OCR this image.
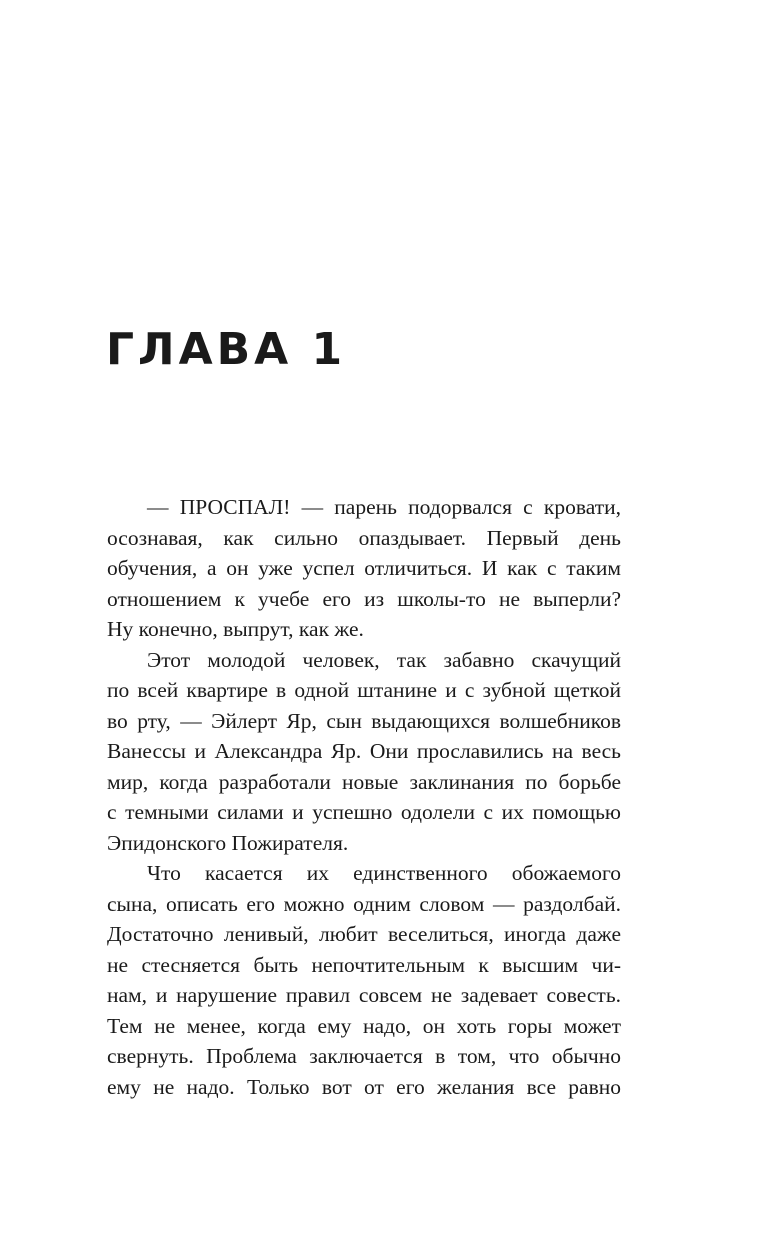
ГЛАВА 1

— ПРОСПАЛ! — парень подорвался с кровати,

осознавая, как сильно опаздывает. Первый день

обучения, а он уже успел отличиться. И как с таким

отношением к учебе его из школы-то не выперли?

Ну конечно, выпрут, как же.

Этот молодой человек, так забавно скачущий

по всей квартире в одной штанине и с зубной щеткой

во рту, — Эйлерт Яр, сын выдающихся волшебников

Ванессы и Александра Яр. Они прославились на весь

мир, когда разработали новые заклинания по борьбе

с темными силами и успешно одолели с их помощью

Эпидонского Пожирателя.

Что касается их единственного обожаемого

сына, описать его можно одним словом — раздолбай.

Достаточно ленивый, любит веселиться, иногда даже

не стесняется быть непочтительным к высшим чи-

нам, и нарушение правил совсем не задевает совесть.

Тем не менее, когда ему надо, он хоть горы может

свернуть. Проблема заключается в том, что обычно

ему не надо. Только вот от его желания все равно
